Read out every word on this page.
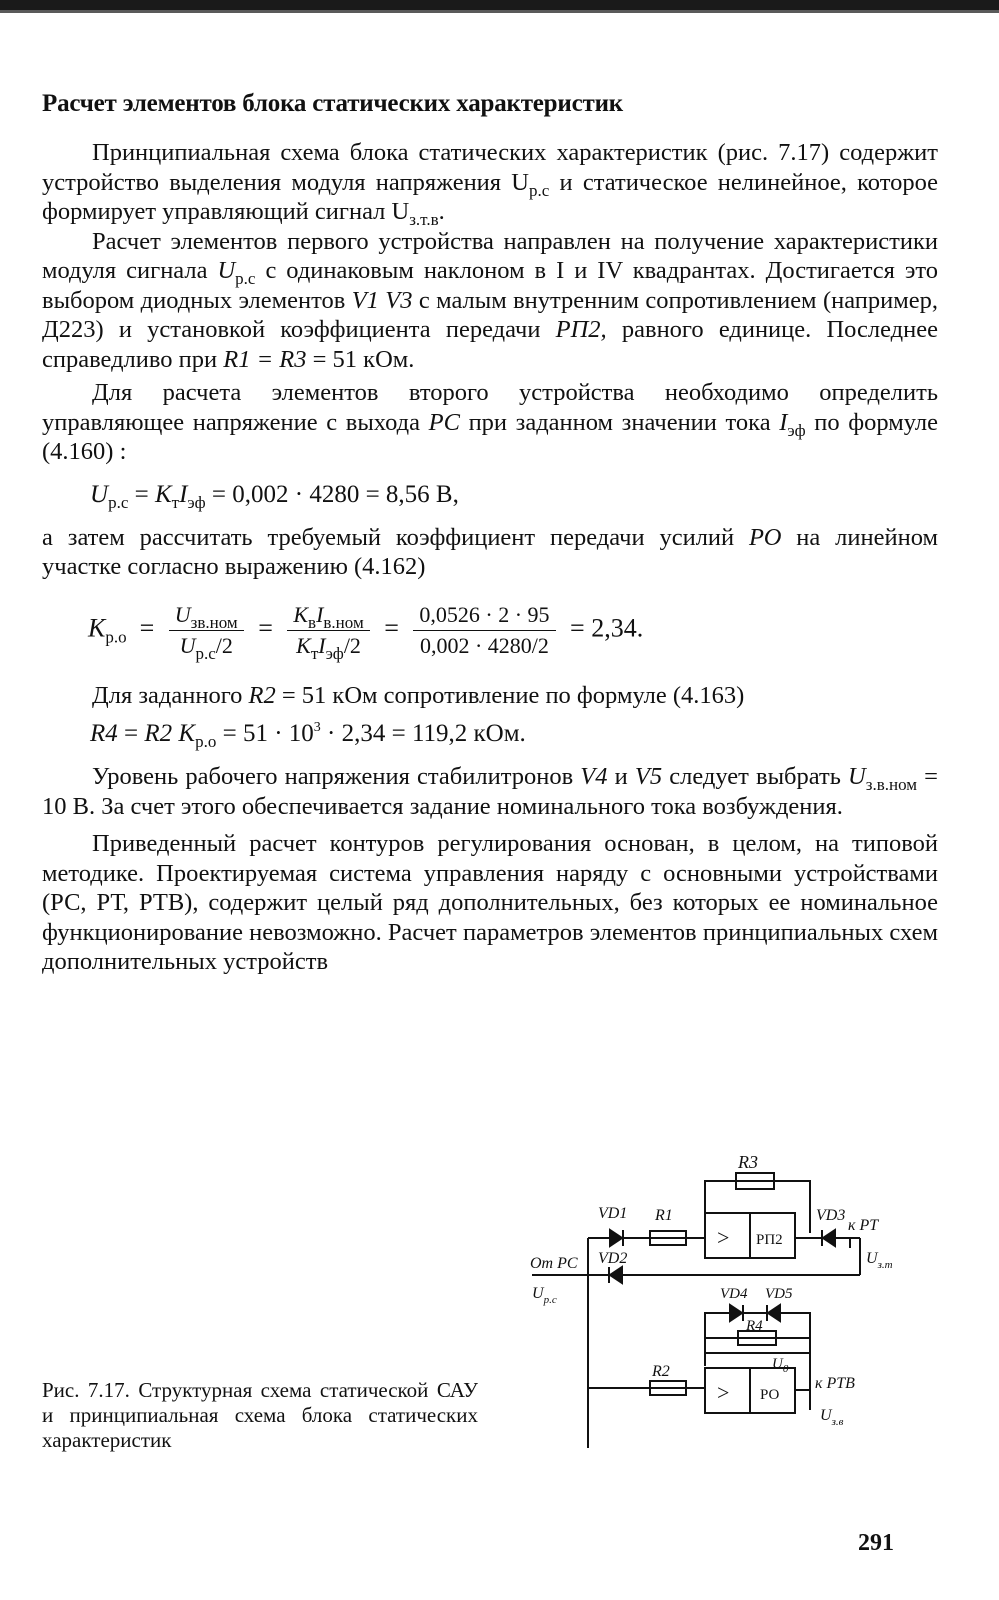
Расчет элементов блока статических характеристик

Принципиальная схема блока статических характеристик (рис. 7.17) содержит устройство выделения модуля напряжения $U_{р.с}$ и статическое нелинейное, которое формирует управляющий сигнал $U_{з.т.в}$.

Расчет элементов первого устройства направлен на получение характеристики модуля сигнала $U_{р.с}$ с одинаковым наклоном в I и IV квадрантах. Достигается это выбором диодных элементов V1 V3 с малым внутренним сопротивлением (например, Д223) и установкой коэффициента передачи РП2, равного единице. Последнее справедливо при R1 = R3 = 51 кОм.

Для расчета элементов второго устройства необходимо определить управляющее напряжение с выхода РС при заданном значении тока $I_{эф}$ по формуле (4.160) :

$U_{р.с} = K_тI_{эф} = 0,002 \cdot 4280 = 8,56$ В,

а затем рассчитать требуемый коэффициент передачи усилий РО на линейном участке согласно выражению (4.162)

$K_{р.о} = \frac{U_{зв.ном}}{U_{р.с}/2} = \frac{K_вI_{в.ном}}{K_тI_{эф}/2} = \frac{0,0526 \cdot 2 \cdot 95}{0,002 \cdot 4280/2} = 2,34$.

Для заданного R2 = 51 кОм сопротивление по формуле (4.163)

R4 = R2 $K_{р.о} = 51 \cdot 10^3 \cdot 2,34 = 119,2$ кОм.

Уровень рабочего напряжения стабилитронов V4 и V5 следует выбрать $U_{з.в.ном} = 10$ В. За счет этого обеспечивается задание номинального тока возбуждения.

Приведенный расчет контуров регулирования основан, в целом, на типовой методике. Проектируемая система управления наряду с основными устройствами (РС, РТ, РТВ), содержит целый ряд дополнительных, без которых ее номинальное функционирование невозможно. Расчет параметров элементов принципиальных схем дополнительных устройств

R3
VD1 R1	VD3
к РТ
> РП2
От РС VD2	$U_{з.т}$
$U_{р.с}$	VD4 VD5
R4
$U_0$
R2
> РО
к РТВ
$U_{з.в}$
Рис. 7.17. Структурная схема статической САУ и принципиальная схема блока статических характеристик
291
